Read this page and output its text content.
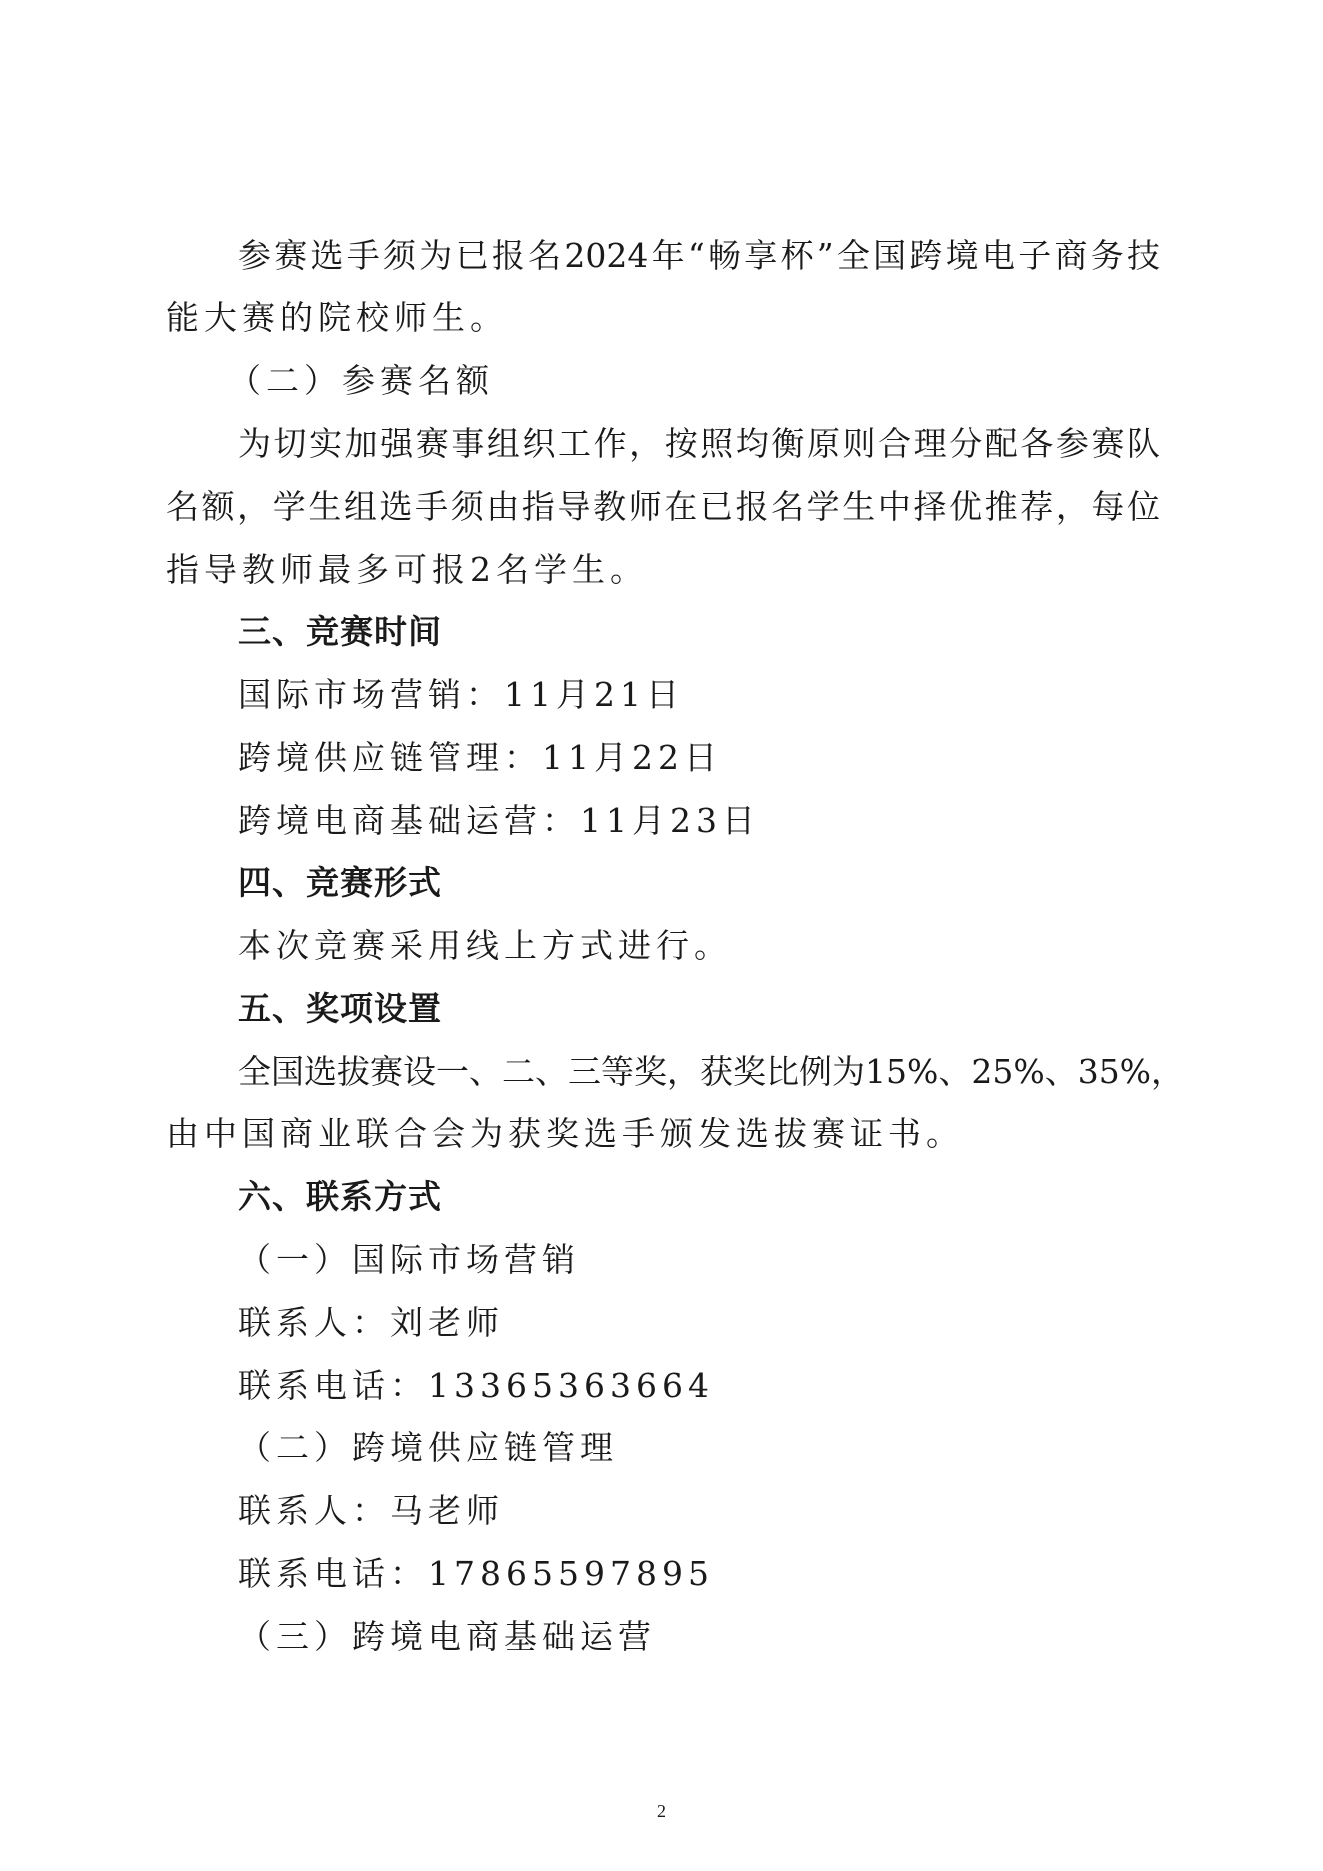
参赛选手须为已报名2024年“畅享杯”全国跨境电子商务技
能大赛的院校师生。
（二）参赛名额
为切实加强赛事组织工作，按照均衡原则合理分配各参赛队
名额，学生组选手须由指导教师在已报名学生中择优推荐，每位
指导教师最多可报2名学生。
三、竞赛时间
国际市场营销：11月21日
跨境供应链管理：11月22日
跨境电商基础运营：11月23日
四、竞赛形式
本次竞赛采用线上方式进行。
五、奖项设置
全国选拔赛设一、二、三等奖，获奖比例为15%、25%、35%，
由中国商业联合会为获奖选手颁发选拔赛证书。
六、联系方式
（一）国际市场营销
联系人：刘老师
联系电话：13365363664
（二）跨境供应链管理
联系人：马老师
联系电话：17865597895
（三）跨境电商基础运营
2
